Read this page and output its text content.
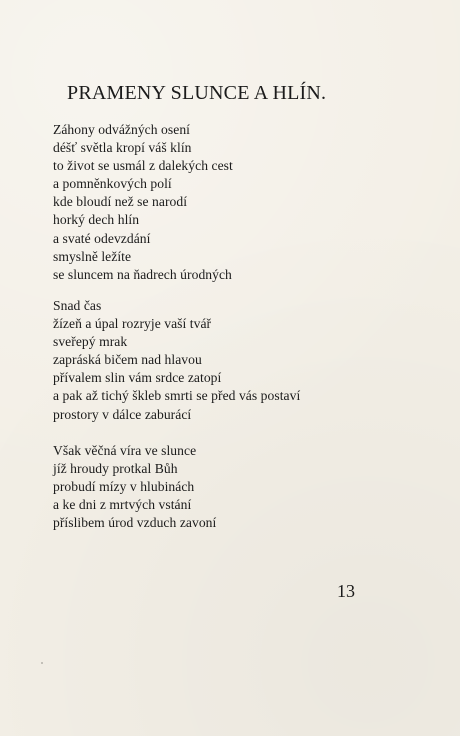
PRAMENY SLUNCE A HLÍN.
Záhony odvážných osení
déšť světla kropí váš klín
to život se usmál z dalekých cest
a pomněnkových polí
kde bloudí než se narodí
horký dech hlín
a svaté odevzdání
smyslně ležíte
se sluncem na ňadrech úrodných
Snad čas
žízeň a úpal rozryje vaší tvář
sveřepý mrak
zapráská bičem nad hlavou
přívalem slin vám srdce zatopí
a pak až tichý šklеb smrti se před vás postaví
prostory v dálce zaburácí
Však věčná víra ve slunce
jíž hroudy protkal Bůh
probudí mízy v hlubinách
a ke dni z mrtvých vstání
příslibem úrod vzduch zavoní
13
